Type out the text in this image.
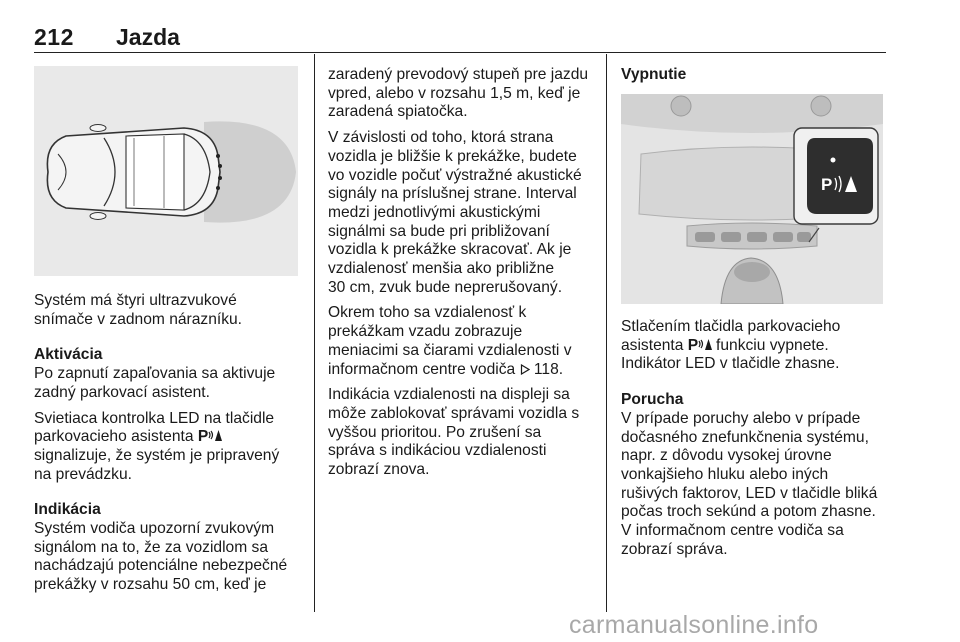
212 Jazda

Systém má štyri ultrazvukové
snímače v zadnom nárazníku.

Aktivácia

Po zapnutí zapaľovania sa aktivuje
zadný parkovací asistent.

Svietiaca kontrolka LED na tlačidle
parkovacieho asistenta P
signalizuje, že systém je pripravený
na prevádzku.

Indikácia

Systém vodiča upozorní zvukovým
signálom na to, že za vozidlom sa
nachádzajú potenciálne nebezpečné
prekážky v rozsahu 50 cm, keď je

zaradený prevodový stupeň pre jazdu
vpred, alebo v rozsahu 1,5 m, keď je
zaradená spiatočka.

V závislosti od toho, ktorá strana
vozidla je bližšie k prekážke, budete
vo vozidle počuť výstražné akustické
signály na príslušnej strane. Interval
medzi jednotlivými akustickými
signálmi sa bude pri približovaní
vozidla k prekážke skracovať. Ak je
vzdialenosť menšia ako približne
30 cm, zvuk bude neprerušovaný.

Okrem toho sa vzdialenosť k
prekážkam vzadu zobrazuje
meniacimi sa čiarami vzdialenosti v
informačnom centre vodiča 118.

Indikácia vzdialenosti na displeji sa
môže zablokovať správami vozidla s
vyššou prioritou. Po zrušení sa
správa s indikáciou vzdialenosti
zobrazí znova.

Vypnutie
P

Stlačením tlačidla parkovacieho
asistenta P funkciu vypnete.
Indikátor LED v tlačidle zhasne.

Porucha

V prípade poruchy alebo v prípade
dočasného znefunkčnenia systému,
napr. z dôvodu vysokej úrovne
vonkajšieho hluku alebo iných
rušivých faktorov, LED v tlačidle bliká
počas troch sekúnd a potom zhasne.
V informačnom centre vodiča sa
zobrazí správa.

carmanualsonline.info
